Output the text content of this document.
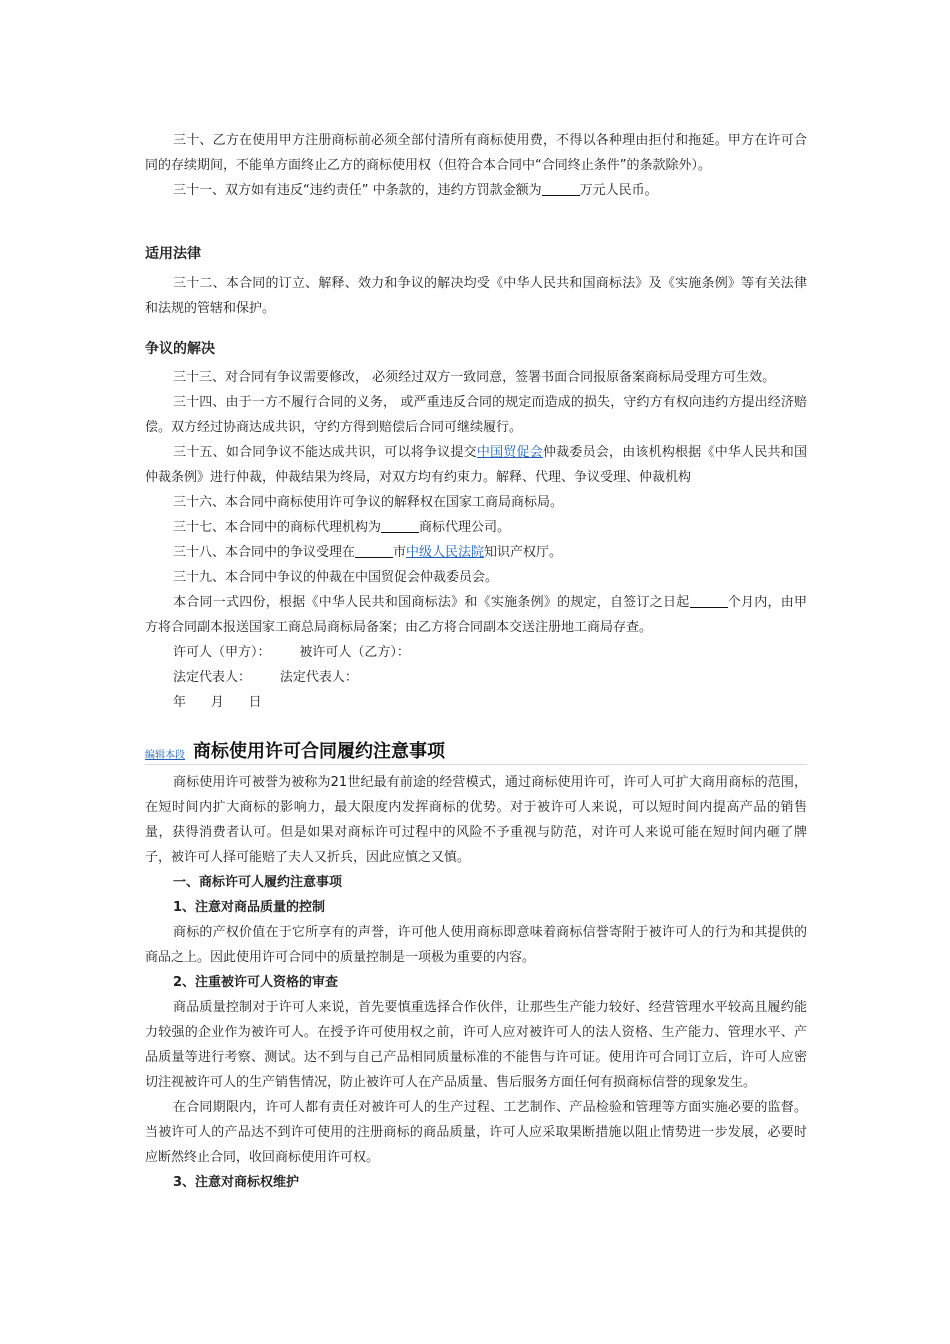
三十、乙方在使用甲方注册商标前必须全部付清所有商标使用费，不得以各种理由拒付和拖延。甲方在许可合同的存续期间，不能单方面终止乙方的商标使用权（但符合本合同中“合同终止条件”的条款除外）。

三十一、双方如有违反“违约责任” 中条款的，违约方罚款金额为	万元人民币。

适用法律

三十二、本合同的订立、解释、效力和争议的解决均受《中华人民共和国商标法》及《实施条例》等有关法律和法规的管辖和保护。

争议的解决

三十三、对合同有争议需要修改， 必须经过双方一致同意，签署书面合同报原备案商标局受理方可生效。

三十四、由于一方不履行合同的义务， 或严重违反合同的规定而造成的损失，守约方有权向违约方提出经济赔偿。双方经过协商达成共识，守约方得到赔偿后合同可继续履行。

三十五、如合同争议不能达成共识，可以将争议提交中国贸促会仲裁委员会，由该机构根据《中华人民共和国仲裁条例》进行仲裁，仲裁结果为终局，对双方均有约束力。解释、代理、争议受理、仲裁机构

三十六、本合同中商标使用许可争议的解释权在国家工商局商标局。

三十七、本合同中的商标代理机构为	商标代理公司。

三十八、本合同中的争议受理在	市中级人民法院知识产权厅。

三十九、本合同中争议的仲裁在中国贸促会仲裁委员会。

本合同一式四份，根据《中华人民共和国商标法》和《实施条例》的规定，自签订之日起	个月内，由甲方将合同副本报送国家工商总局商标局备案；由乙方将合同副本交送注册地工商局存查。

许可人（甲方）：       被许可人（乙方）：

法定代表人：       法定代表人：

年      月      日

编辑本段 商标使用许可合同履约注意事项

商标使用许可被誉为被称为21世纪最有前途的经营模式，通过商标使用许可，许可人可扩大商用商标的范围，在短时间内扩大商标的影响力，最大限度内发挥商标的优势。对于被许可人来说，可以短时间内提高产品的销售量，获得消费者认可。但是如果对商标许可过程中的风险不予重视与防范，对许可人来说可能在短时间内砸了牌子，被许可人择可能赔了夫人又折兵，因此应慎之又慎。

一、商标许可人履约注意事项

1、注意对商品质量的控制

商标的产权价值在于它所享有的声誉，许可他人使用商标即意味着商标信誉寄附于被许可人的行为和其提供的商品之上。因此使用许可合同中的质量控制是一项极为重要的内容。

2、注重被许可人资格的审查

商品质量控制对于许可人来说，首先要慎重选择合作伙伴，让那些生产能力较好、经营管理水平较高且履约能力较强的企业作为被许可人。在授予许可使用权之前，许可人应对被许可人的法人资格、生产能力、管理水平、产品质量等进行考察、测试。达不到与自己产品相同质量标准的不能售与许可证。使用许可合同订立后，许可人应密切注视被许可人的生产销售情况，防止被许可人在产品质量、售后服务方面任何有损商标信誉的现象发生。

在合同期限内，许可人都有责任对被许可人的生产过程、工艺制作、产品检验和管理等方面实施必要的监督。当被许可人的产品达不到许可使用的注册商标的商品质量，许可人应采取果断措施以阻止情势进一步发展，必要时应断然终止合同，收回商标使用许可权。

3、注意对商标权维护
